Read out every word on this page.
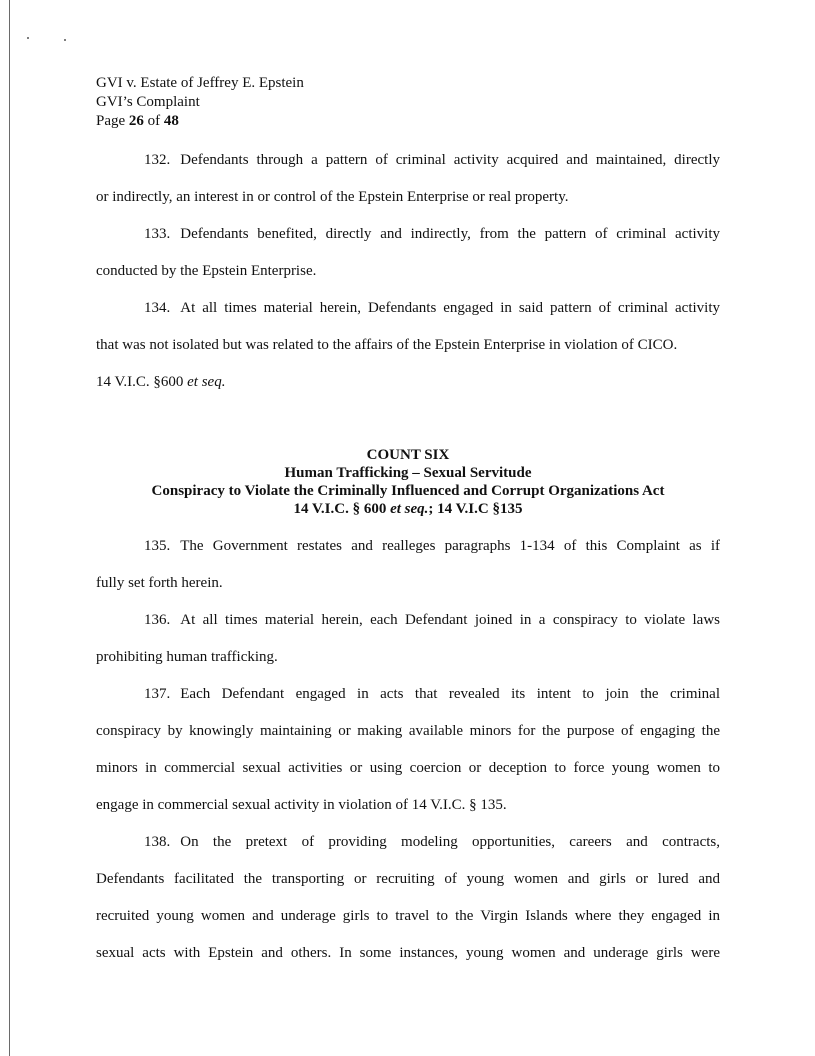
GVI v. Estate of Jeffrey E. Epstein
GVI’s Complaint
Page 26 of 48

132. Defendants through a pattern of criminal activity acquired and maintained, directly
or indirectly, an interest in or control of the Epstein Enterprise or real property.

133. Defendants benefited, directly and indirectly, from the pattern of criminal activity
conducted by the Epstein Enterprise.

134. At all times material herein, Defendants engaged in said pattern of criminal activity
that was not isolated but was related to the affairs of the Epstein Enterprise in violation of CICO.
14 V.I.C. §600 et seq.

COUNT SIX
Human Trafficking – Sexual Servitude
Conspiracy to Violate the Criminally Influenced and Corrupt Organizations Act
14 V.I.C. § 600 et seq.; 14 V.I.C §135

135. The Government restates and realleges paragraphs 1-134 of this Complaint as if
fully set forth herein.

136. At all times material herein, each Defendant joined in a conspiracy to violate laws
prohibiting human trafficking.

137. Each Defendant engaged in acts that revealed its intent to join the criminal
conspiracy by knowingly maintaining or making available minors for the purpose of engaging the
minors in commercial sexual activities or using coercion or deception to force young women to
engage in commercial sexual activity in violation of 14 V.I.C. § 135.

138. On the pretext of providing modeling opportunities, careers and contracts,
Defendants facilitated the transporting or recruiting of young women and girls or lured and
recruited young women and underage girls to travel to the Virgin Islands where they engaged in
sexual acts with Epstein and others. In some instances, young women and underage girls were
